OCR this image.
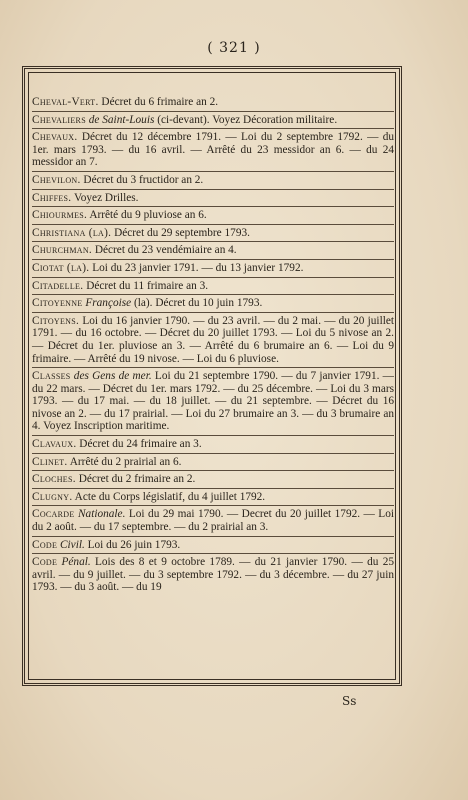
( 321 )
Cheval-Vert. Décret du 6 frimaire an 2.
Chevaliers de Saint-Louis (ci-devant). Voyez Décoration militaire.
Chevaux. Décret du 12 décembre 1791. — Loi du 2 septembre 1792. — du 1er. mars 1793. — du 16 avril. — Arrêté du 23 messidor an 6. — du 24 messidor an 7.
Chevilon. Décret du 3 fructidor an 2.
Chiffes. Voyez Drilles.
Chiourmes. Arrêté du 9 pluviose an 6.
Christiana (la). Décret du 29 septembre 1793.
Churchman. Décret du 23 vendémiaire an 4.
Ciotat (la). Loi du 23 janvier 1791. — du 13 janvier 1792.
Citadelle. Décret du 11 frimaire an 3.
Citoyenne Françoise (la). Décret du 10 juin 1793.
Citoyens. Loi du 16 janvier 1790. — du 23 avril. — du 2 mai. — du 20 juillet 1791. — du 16 octobre. — Décret du 20 juillet 1793. — Loi du 5 nivose an 2. — Décret du 1er. pluviose an 3. — Arrêté du 6 brumaire an 6. — Loi du 9 frimaire. — Arrêté du 19 nivose. — Loi du 6 pluviose.
Classes des Gens de mer. Loi du 21 septembre 1790. — du 7 janvier 1791. — du 22 mars. — Décret du 1er. mars 1792. — du 25 décembre. — Loi du 3 mars 1793. — du 17 mai. — du 18 juillet. — du 21 septembre. — Décret du 16 nivose an 2. — du 17 prairial. — Loi du 27 brumaire an 3. — du 3 brumaire an 4. Voyez Inscription maritime.
Clavaux. Décret du 24 frimaire an 3.
Clinet. Arrêté du 2 prairial an 6.
Cloches. Décret du 2 frimaire an 2.
Clugny. Acte du Corps législatif, du 4 juillet 1792.
Cocarde Nationale. Loi du 29 mai 1790. — Decret du 20 juillet 1792. — Loi du 2 août. — du 17 septembre. — du 2 prairial an 3.
Code Civil. Loi du 26 juin 1793.
Code Pénal. Lois des 8 et 9 octobre 1789. — du 21 janvier 1790. — du 25 avril. — du 9 juillet. — du 3 septembre 1792. — du 3 décembre. — du 27 juin 1793. — du 3 août. — du 19
Ss
